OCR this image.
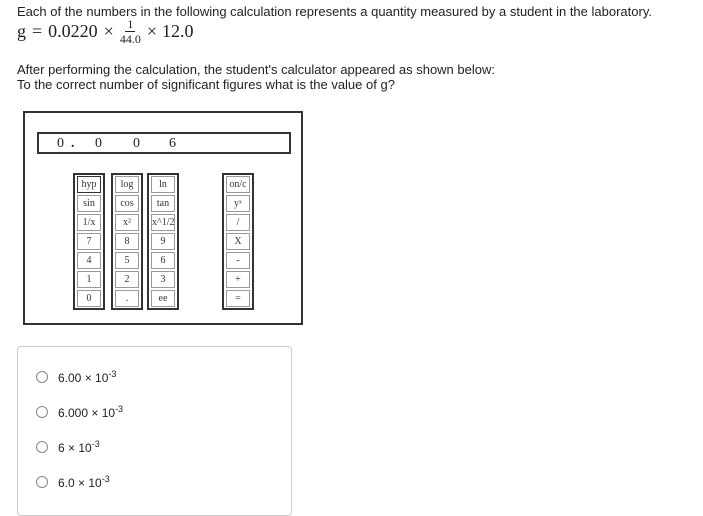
Each of the numbers in the following calculation represents a quantity measured by a student in the laboratory.
$g = 0.0220 \times \frac{1}{44.0} \times 12.0$
After performing the calculation, the student's calculator appeared as shown below:
To the correct number of significant figures what is the value of g?
0 . 0 0 6
hyp
sin
1/x
7
4
1
0
log
cos
x²
8
5
2
.
ln
tan
x^1/2
9
6
3
ee
on/c
yˣ
/
X
-
+
=
$6.00 \times 10^{-3}$
$6.000 \times 10^{-3}$
$6 \times 10^{-3}$
$6.0 \times 10^{-3}$
